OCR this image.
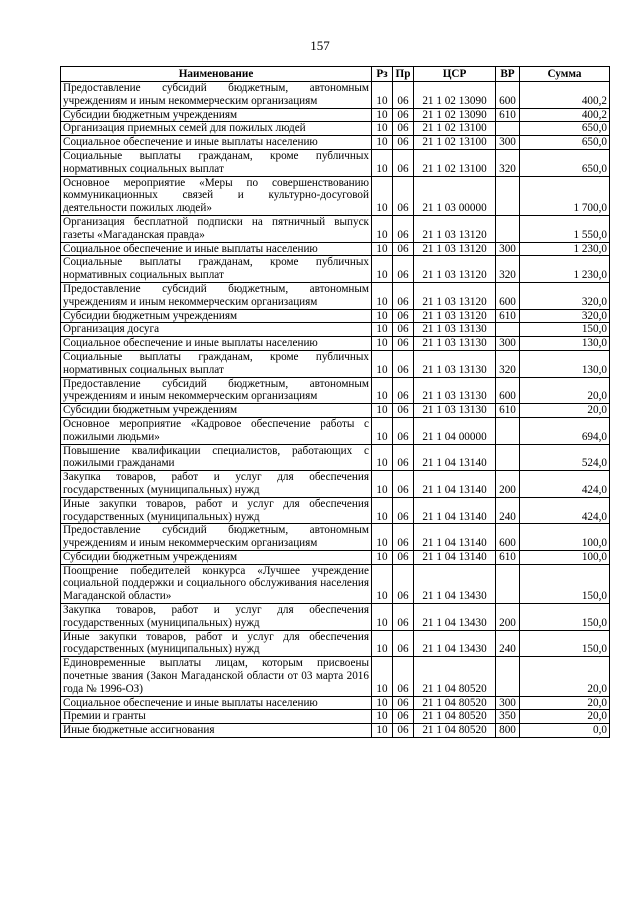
157
Наименование	Рз	Пр	ЦСР	ВР	Сумма
Предоставление субсидий бюджетным, автономным учреждениям и иным некоммерческим организациям	10	06	21 1 02 13090	600	400,2
Субсидии бюджетным учреждениям	10	06	21 1 02 13090	610	400,2
Организация приемных семей для пожилых людей	10	06	21 1 02 13100		650,0
Социальное обеспечение и иные выплаты населению	10	06	21 1 02 13100	300	650,0
Социальные выплаты гражданам, кроме публичных нормативных социальных выплат	10	06	21 1 02 13100	320	650,0
Основное мероприятие «Меры по совершенствованию коммуникационных связей и культурно-досуговой деятельности пожилых людей»	10	06	21 1 03 00000		1 700,0
Организация бесплатной подписки на пятничный выпуск газеты «Магаданская правда»	10	06	21 1 03 13120		1 550,0
Социальное обеспечение и иные выплаты населению	10	06	21 1 03 13120	300	1 230,0
Социальные выплаты гражданам, кроме публичных нормативных социальных выплат	10	06	21 1 03 13120	320	1 230,0
Предоставление субсидий бюджетным, автономным учреждениям и иным некоммерческим организациям	10	06	21 1 03 13120	600	320,0
Субсидии бюджетным учреждениям	10	06	21 1 03 13120	610	320,0
Организация досуга	10	06	21 1 03 13130		150,0
Социальное обеспечение и иные выплаты населению	10	06	21 1 03 13130	300	130,0
Социальные выплаты гражданам, кроме публичных нормативных социальных выплат	10	06	21 1 03 13130	320	130,0
Предоставление субсидий бюджетным, автономным учреждениям и иным некоммерческим организациям	10	06	21 1 03 13130	600	20,0
Субсидии бюджетным учреждениям	10	06	21 1 03 13130	610	20,0
Основное мероприятие «Кадровое обеспечение работы с пожилыми людьми»	10	06	21 1 04 00000		694,0
Повышение квалификации специалистов, работающих с пожилыми гражданами	10	06	21 1 04 13140		524,0
Закупка товаров, работ и услуг для обеспечения государственных (муниципальных) нужд	10	06	21 1 04 13140	200	424,0
Иные закупки товаров, работ и услуг для обеспечения государственных (муниципальных) нужд	10	06	21 1 04 13140	240	424,0
Предоставление субсидий бюджетным, автономным учреждениям и иным некоммерческим организациям	10	06	21 1 04 13140	600	100,0
Субсидии бюджетным учреждениям	10	06	21 1 04 13140	610	100,0
Поощрение победителей конкурса «Лучшее учреждение социальной поддержки и социального обслуживания населения Магаданской области»	10	06	21 1 04 13430		150,0
Закупка товаров, работ и услуг для обеспечения государственных (муниципальных) нужд	10	06	21 1 04 13430	200	150,0
Иные закупки товаров, работ и услуг для обеспечения государственных (муниципальных) нужд	10	06	21 1 04 13430	240	150,0
Единовременные выплаты лицам, которым присвоены почетные звания (Закон Магаданской области от 03 марта 2016 года № 1996-ОЗ)	10	06	21 1 04 80520		20,0
Социальное обеспечение и иные выплаты населению	10	06	21 1 04 80520	300	20,0
Премии и гранты	10	06	21 1 04 80520	350	20,0
Иные бюджетные ассигнования	10	06	21 1 04 80520	800	0,0
